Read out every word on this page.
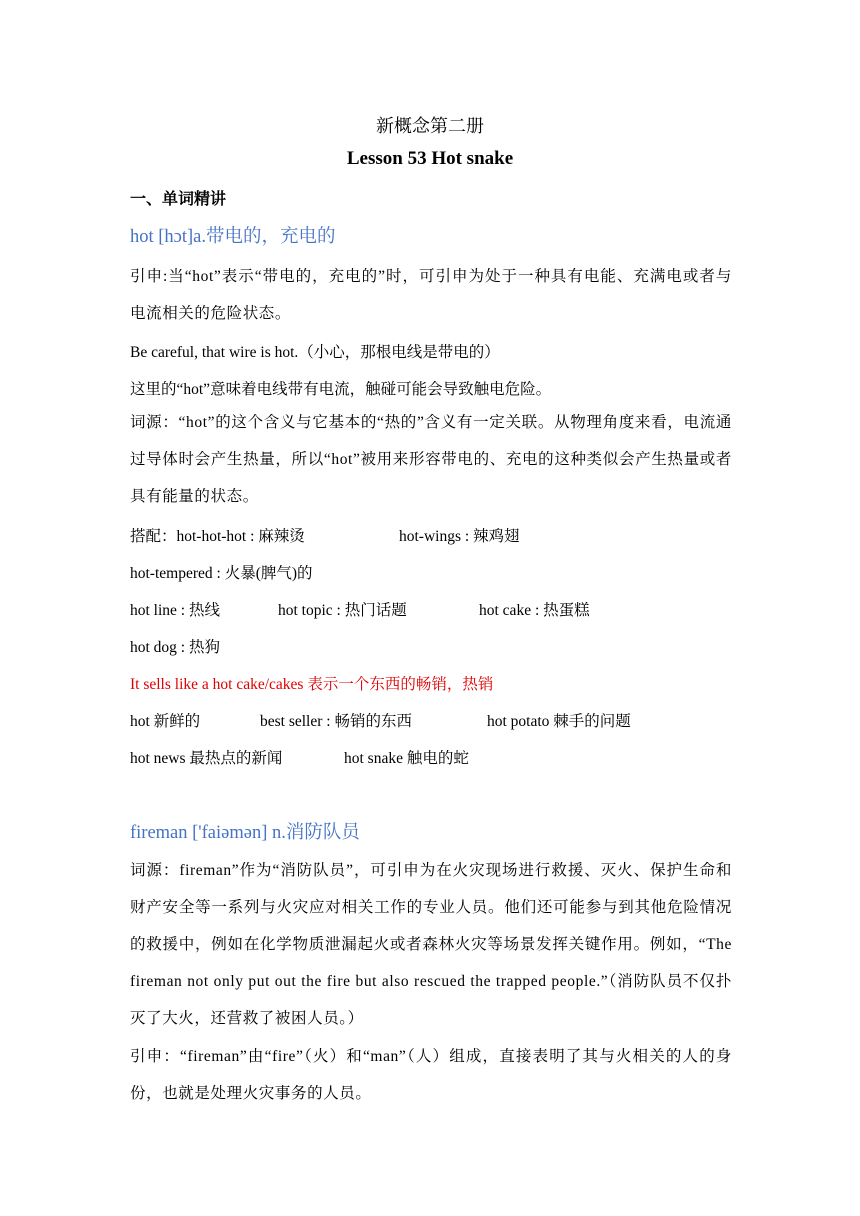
新概念第二册
Lesson 53 Hot snake
一、单词精讲
hot [hɔt]a.带电的，充电的
引申:当“hot”表示“带电的，充电的”时，可引申为处于一种具有电能、充满电或者与电流相关的危险状态。
Be careful, that wire is hot.（小心，那根电线是带电的）
这里的“hot”意味着电线带有电流，触碰可能会导致触电危险。
词源：“hot”的这个含义与它基本的“热的”含义有一定关联。从物理角度来看，电流通过导体时会产生热量，所以“hot”被用来形容带电的、充电的这种类似会产生热量或者具有能量的状态。
搭配：hot-hot-hot : 麻辣烫	hot-wings : 辣鸡翅
hot-tempered : 火暴(脾气)的
hot line : 热线	hot topic : 热门话题	hot cake : 热蛋糕
hot dog : 热狗
It sells like a hot cake/cakes 表示一个东西的畅销，热销
hot 新鲜的	best seller : 畅销的东西	hot potato 棘手的问题
hot news 最热点的新闻	hot snake 触电的蛇
fireman ['faiəmən] n.消防队员
词源：fireman”作为“消防队员”，可引申为在火灾现场进行救援、灭火、保护生命和财产安全等一系列与火灾应对相关工作的专业人员。他们还可能参与到其他危险情况的救援中，例如在化学物质泄漏起火或者森林火灾等场景发挥关键作用。例如，“The fireman not only put out the fire but also rescued the trapped people.”（消防队员不仅扑灭了大火，还营救了被困人员。）
引申：“fireman”由“fire”（火）和“man”（人）组成，直接表明了其与火相关的人的身份，也就是处理火灾事务的人员。
